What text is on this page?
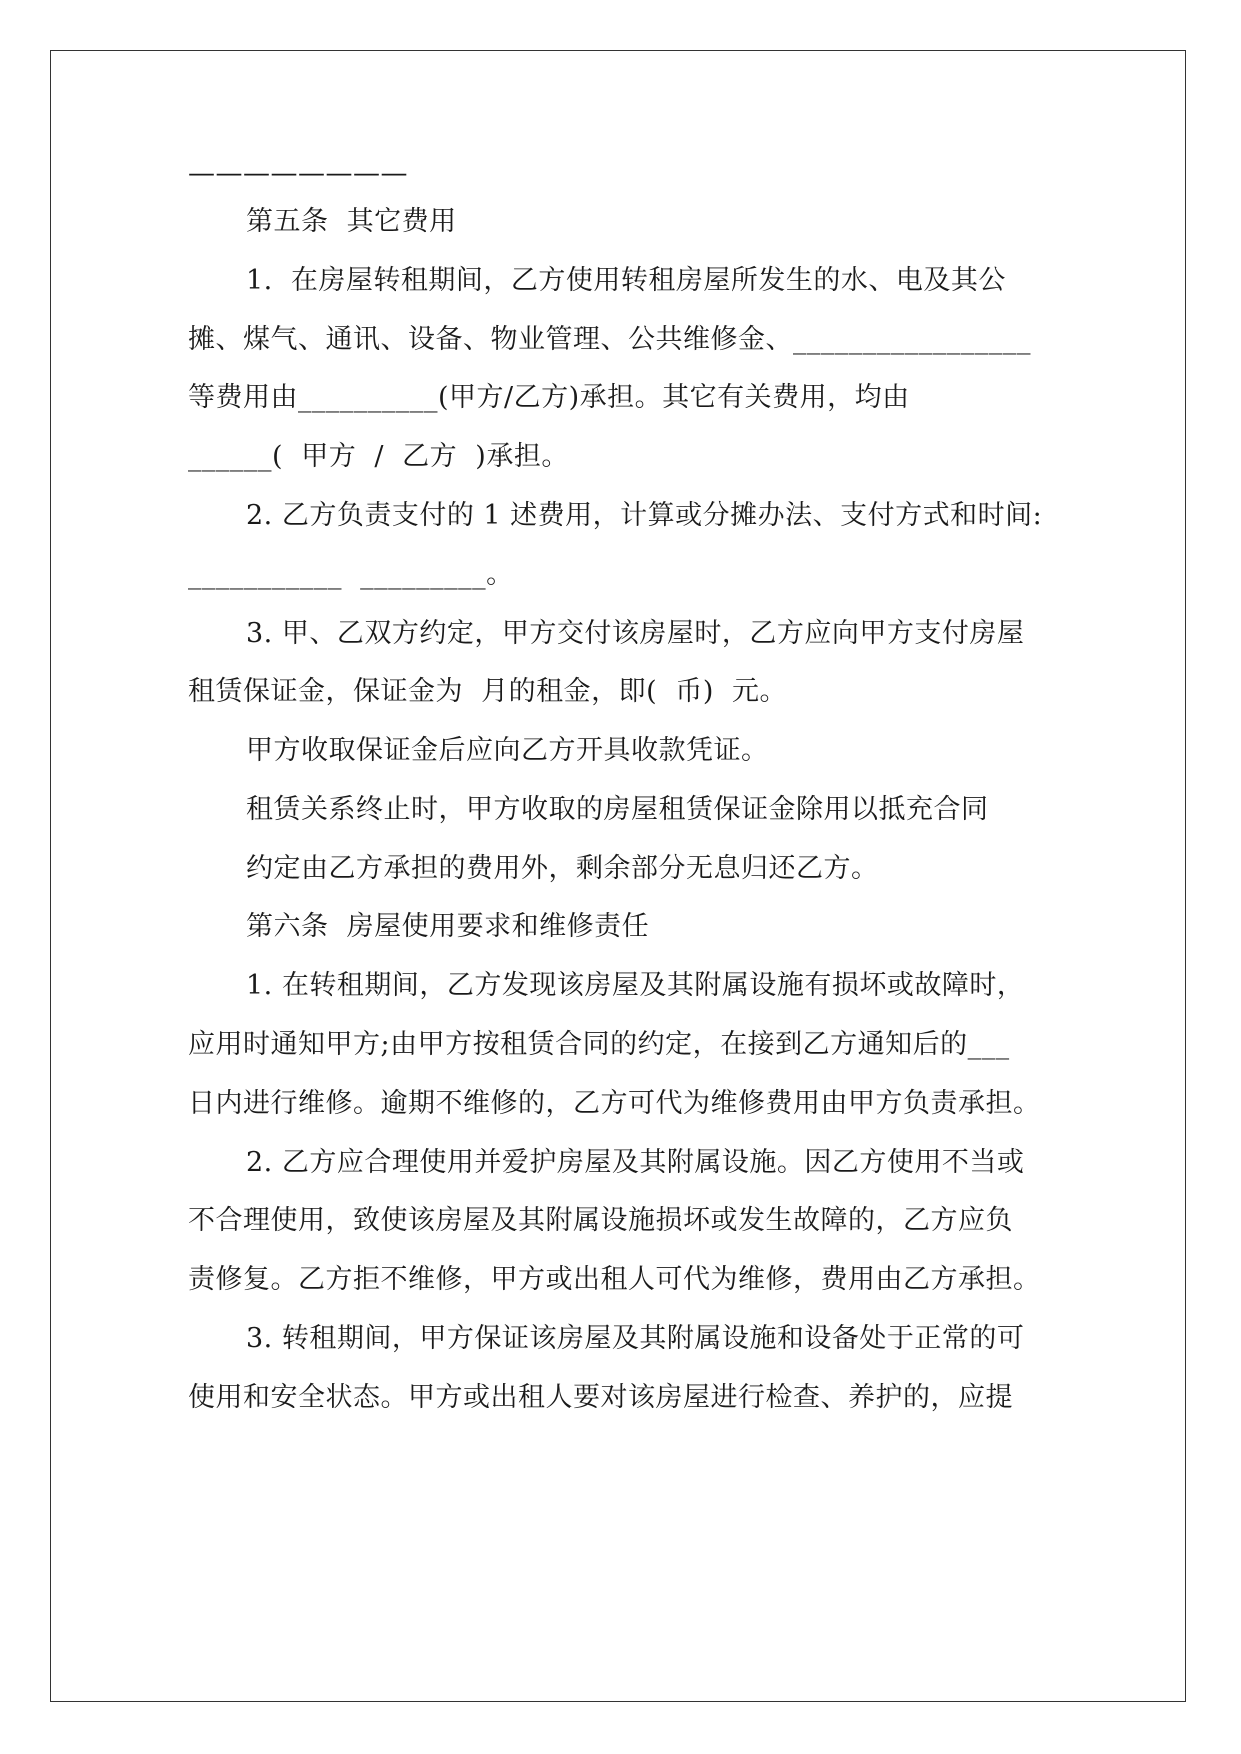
————————
第五条  其它费用
1.  在房屋转租期间，乙方使用转租房屋所发生的水、电及其公
摊、煤气、通讯、设备、物业管理、公共维修金、_________________
等费用由__________(甲方/乙方)承担。其它有关费用，均由
______(  甲方  /  乙方  )承担。
2. 乙方负责支付的 1 述费用，计算或分摊办法、支付方式和时间:
___________  _________。
3. 甲、乙双方约定，甲方交付该房屋时，乙方应向甲方支付房屋
租赁保证金，保证金为  月的租金，即(  币)  元。
甲方收取保证金后应向乙方开具收款凭证。
租赁关系终止时，甲方收取的房屋租赁保证金除用以抵充合同
约定由乙方承担的费用外，剩余部分无息归还乙方。
第六条  房屋使用要求和维修责任
1. 在转租期间，乙方发现该房屋及其附属设施有损坏或故障时，
应用时通知甲方;由甲方按租赁合同的约定，在接到乙方通知后的___
日内进行维修。逾期不维修的，乙方可代为维修费用由甲方负责承担。
2. 乙方应合理使用并爱护房屋及其附属设施。因乙方使用不当或
不合理使用，致使该房屋及其附属设施损坏或发生故障的，乙方应负
责修复。乙方拒不维修，甲方或出租人可代为维修，费用由乙方承担。
3. 转租期间，甲方保证该房屋及其附属设施和设备处于正常的可
使用和安全状态。甲方或出租人要对该房屋进行检查、养护的，应提
